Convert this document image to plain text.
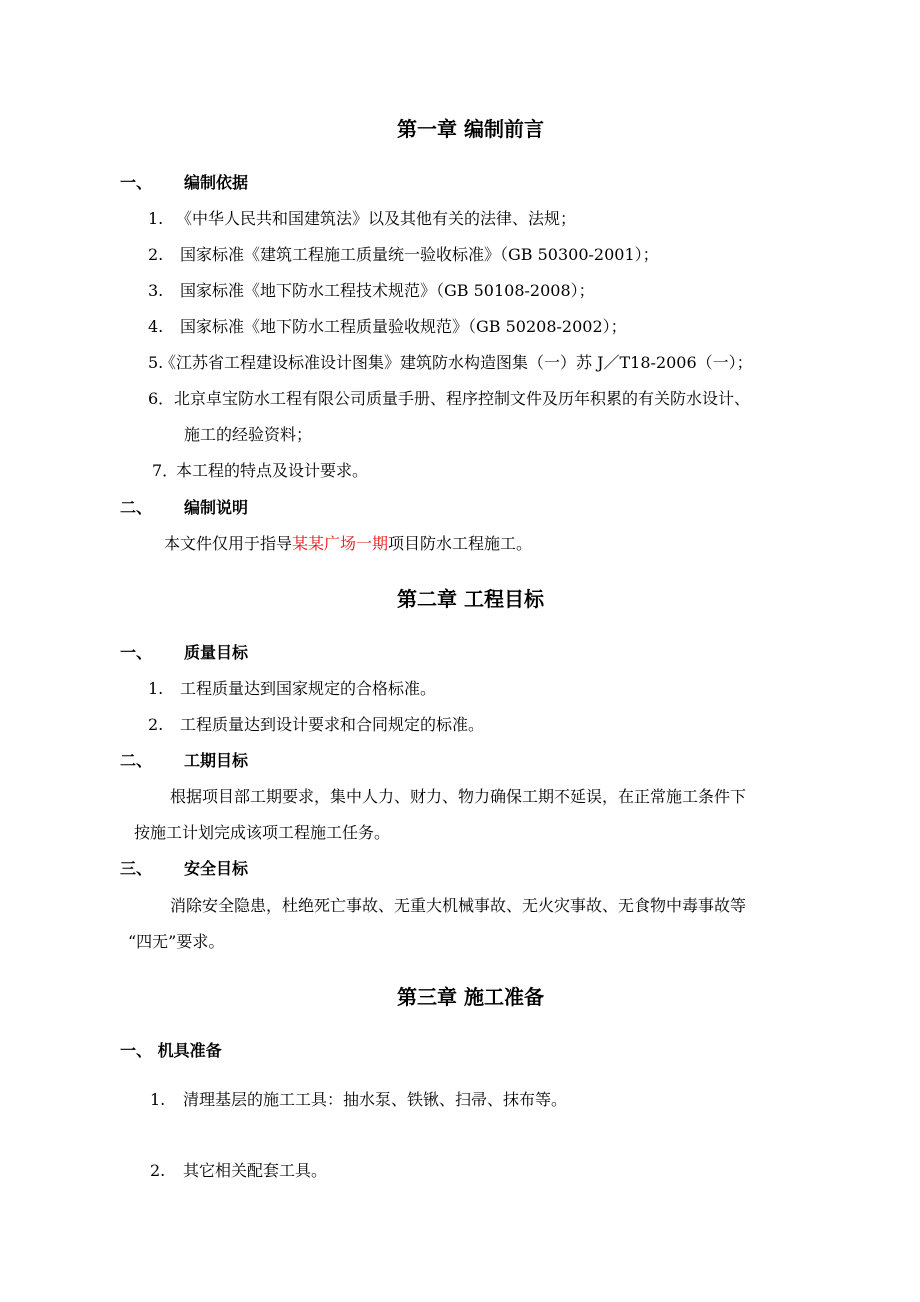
第一章 编制前言
一、 编制依据
1. 《中华人民共和国建筑法》以及其他有关的法律、法规；
2. 国家标准《建筑工程施工质量统一验收标准》（GB 50300-2001）；
3. 国家标准《地下防水工程技术规范》（GB 50108-2008）；
4. 国家标准《地下防水工程质量验收规范》（GB 50208-2002）；
5.
《江苏省工程建设标准设计图集》建筑防水构造图集（一）苏 J／T18-2006（一）；
6． 北京卓宝防水工程有限公司质量手册、程序控制文件及历年积累的有关防水设计、
施工的经验资料；
7．
本工程的特点及设计要求。
二、 编制说明
本文件仅用于指导某某广场一期项目防水工程施工。
第二章 工程目标
一、 质量目标
1. 工程质量达到国家规定的合格标准。
2. 工程质量达到设计要求和合同规定的标准。
二、 工期目标
根据项目部工期要求，集中人力、财力、物力确保工期不延误，在正常施工条件下
按施工计划完成该项工程施工任务。
三、 安全目标
消除安全隐患，杜绝死亡事故、无重大机械事故、无火灾事故、无食物中毒事故等
“四无”要求。
第三章 施工准备
一、 机具准备
1. 清理基层的施工工具：抽水泵、铁锹、扫帚、抹布等。
2. 其它相关配套工具。
